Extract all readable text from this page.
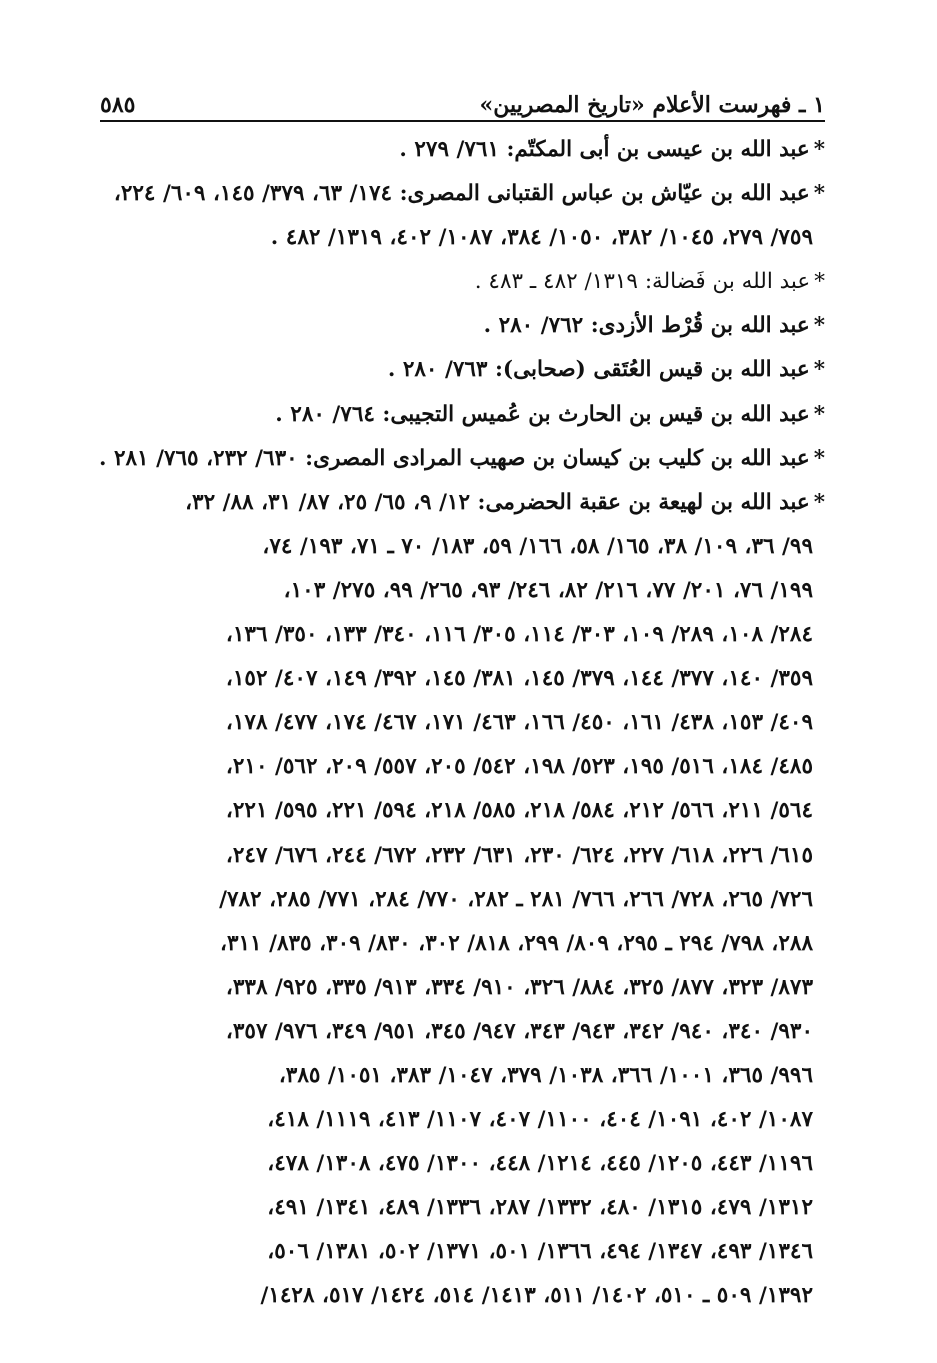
١ ـ فهرست الأعلام «تاريخ المصريين»
٥٨٥
*عبد الله بن عيسى بن أبى المكتّم: ٧٦١/ ٢٧٩ .
*عبد الله بن عيّاش بن عباس القتبانى المصرى: ١٧٤/ ٦٣، ٣٧٩/ ١٤٥، ٦٠٩/ ٢٢٤،
٧٥٩/ ٢٧٩، ١٠٤٥/ ٣٨٢، ١٠٥٠/ ٣٨٤، ١٠٨٧/ ٤٠٢، ١٣١٩/ ٤٨٢ .
*عبد الله بن فَضالة: ١٣١٩/ ٤٨٢ ـ ٤٨٣ .
*عبد الله بن قُرْط الأزدى: ٧٦٢/ ٢٨٠ .
*عبد الله بن قيس العُتَقى (صحابى): ٧٦٣/ ٢٨٠ .
*عبد الله بن قيس بن الحارث بن عُميس التجيبى: ٧٦٤/ ٢٨٠ .
*عبد الله بن كليب بن كيسان بن صهيب المرادى المصرى: ٦٣٠/ ٢٣٢، ٧٦٥/ ٢٨١ .
*عبد الله بن لهيعة بن عقبة الحضرمى: ١٢/ ٩، ٦٥/ ٢٥، ٨٧/ ٣١، ٨٨/ ٣٢،
٩٩/ ٣٦، ١٠٩/ ٣٨، ١٦٥/ ٥٨، ١٦٦/ ٥٩، ١٨٣/ ٧٠ ـ ٧١، ١٩٣/ ٧٤،
١٩٩/ ٧٦، ٢٠١/ ٧٧، ٢١٦/ ٨٢، ٢٤٦/ ٩٣، ٢٦٥/ ٩٩، ٢٧٥/ ١٠٣،
٢٨٤/ ١٠٨، ٢٨٩/ ١٠٩، ٣٠٣/ ١١٤، ٣٠٥/ ١١٦، ٣٤٠/ ١٣٣، ٣٥٠/ ١٣٦،
٣٥٩/ ١٤٠، ٣٧٧/ ١٤٤، ٣٧٩/ ١٤٥، ٣٨١/ ١٤٥، ٣٩٢/ ١٤٩، ٤٠٧/ ١٥٢،
٤٠٩/ ١٥٣، ٤٣٨/ ١٦١، ٤٥٠/ ١٦٦، ٤٦٣/ ١٧١، ٤٦٧/ ١٧٤، ٤٧٧/ ١٧٨،
٤٨٥/ ١٨٤، ٥١٦/ ١٩٥، ٥٢٣/ ١٩٨، ٥٤٢/ ٢٠٥، ٥٥٧/ ٢٠٩، ٥٦٢/ ٢١٠،
٥٦٤/ ٢١١، ٥٦٦/ ٢١٢، ٥٨٤/ ٢١٨، ٥٨٥/ ٢١٨، ٥٩٤/ ٢٢١، ٥٩٥/ ٢٢١،
٦١٥/ ٢٢٦، ٦١٨/ ٢٢٧، ٦٢٤/ ٢٣٠، ٦٣١/ ٢٣٢، ٦٧٢/ ٢٤٤، ٦٧٦/ ٢٤٧،
٧٢٦/ ٢٦٥، ٧٢٨/ ٢٦٦، ٧٦٦/ ٢٨١ ـ ٢٨٢، ٧٧٠/ ٢٨٤، ٧٧١/ ٢٨٥، ٧٨٢/
٢٨٨، ٧٩٨/ ٢٩٤ ـ ٢٩٥، ٨٠٩/ ٢٩٩، ٨١٨/ ٣٠٢، ٨٣٠/ ٣٠٩، ٨٣٥/ ٣١١،
٨٧٣/ ٣٢٣، ٨٧٧/ ٣٢٥، ٨٨٤/ ٣٢٦، ٩١٠/ ٣٣٤، ٩١٣/ ٣٣٥، ٩٢٥/ ٣٣٨،
٩٣٠/ ٣٤٠، ٩٤٠/ ٣٤٢، ٩٤٣/ ٣٤٣، ٩٤٧/ ٣٤٥، ٩٥١/ ٣٤٩، ٩٧٦/ ٣٥٧،
٩٩٦/ ٣٦٥، ١٠٠١/ ٣٦٦، ١٠٣٨/ ٣٧٩، ١٠٤٧/ ٣٨٣، ١٠٥١/ ٣٨٥،
١٠٨٧/ ٤٠٢، ١٠٩١/ ٤٠٤، ١١٠٠/ ٤٠٧، ١١٠٧/ ٤١٣، ١١١٩/ ٤١٨،
١١٩٦/ ٤٤٣، ١٢٠٥/ ٤٤٥، ١٢١٤/ ٤٤٨، ١٣٠٠/ ٤٧٥، ١٣٠٨/ ٤٧٨،
١٣١٢/ ٤٧٩، ١٣١٥/ ٤٨٠، ١٣٣٢/ ٢٨٧، ١٣٣٦/ ٤٨٩، ١٣٤١/ ٤٩١،
١٣٤٦/ ٤٩٣، ١٣٤٧/ ٤٩٤، ١٣٦٦/ ٥٠١، ١٣٧١/ ٥٠٢، ١٣٨١/ ٥٠٦،
١٣٩٢/ ٥٠٩ ـ ٥١٠، ١٤٠٢/ ٥١١، ١٤١٣/ ٥١٤، ١٤٢٤/ ٥١٧، ١٤٢٨/
